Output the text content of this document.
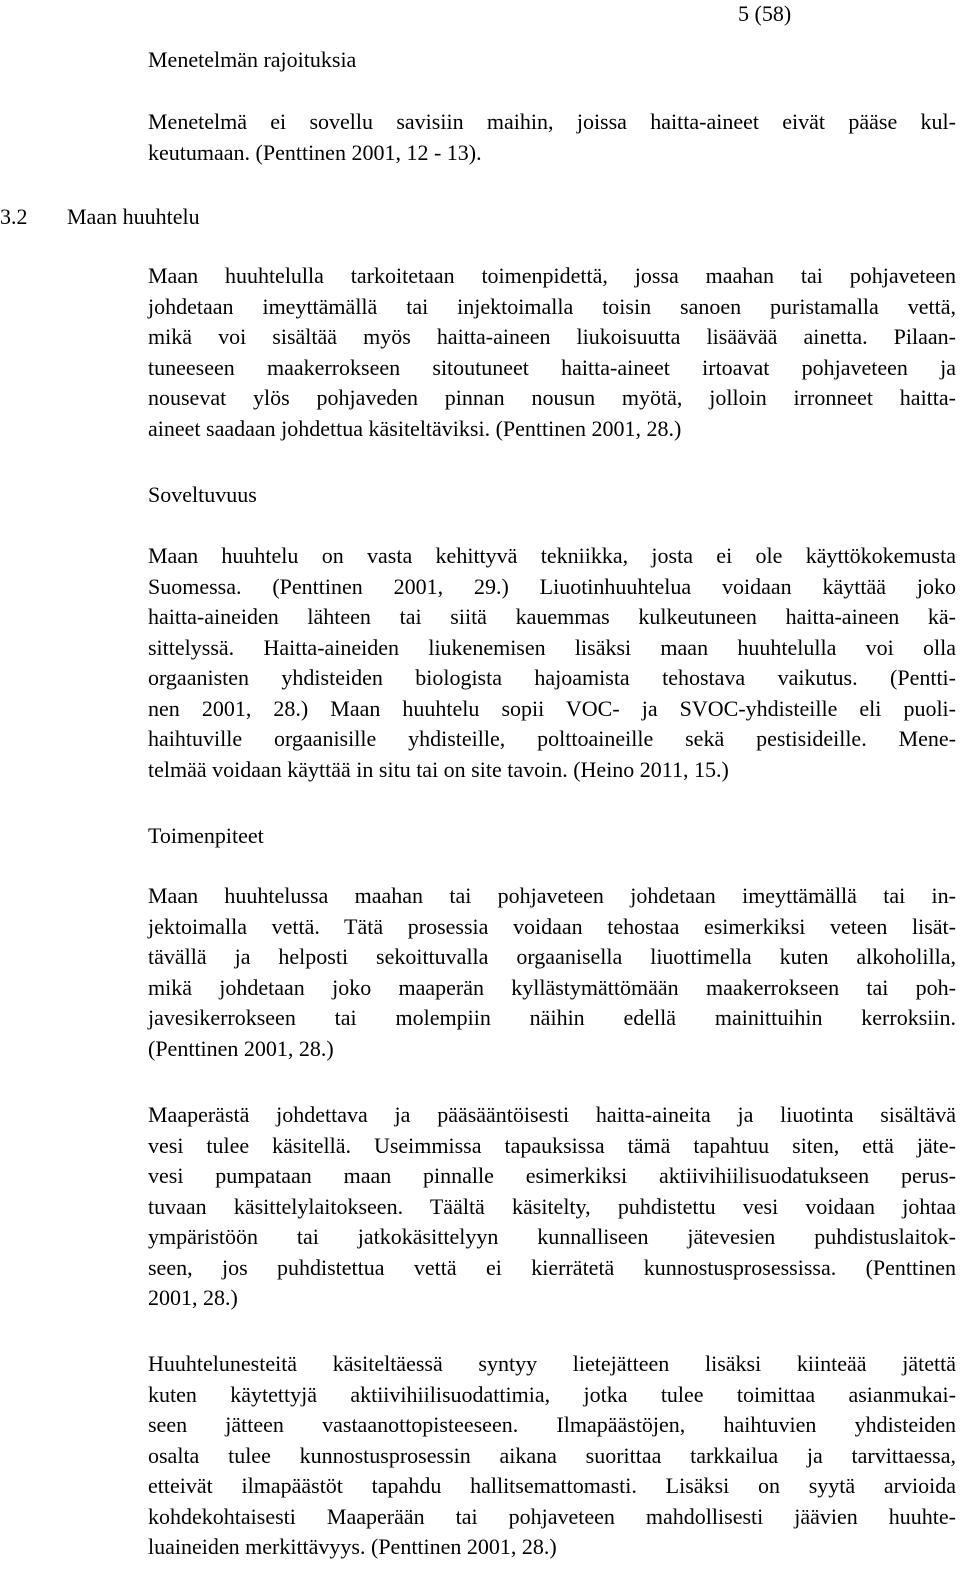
5 (58)
Menetelmän rajoituksia
Menetelmä ei sovellu savisiin maihin, joissa haitta-aineet eivät pääse kul-
keutumaan. (Penttinen 2001, 12 - 13).
3.2 Maan huuhtelu
Maan huuhtelulla tarkoitetaan toimenpidettä, jossa maahan tai pohjaveteen
johdetaan imeyttämällä tai injektoimalla toisin sanoen puristamalla vettä,
mikä voi sisältää myös haitta-aineen liukoisuutta lisäävää ainetta. Pilaan-
tuneeseen maakerrokseen sitoutuneet haitta-aineet irtoavat pohjaveteen ja
nousevat ylös pohjaveden pinnan nousun myötä, jolloin irronneet haitta-
aineet saadaan johdettua käsiteltäviksi. (Penttinen 2001, 28.)
Soveltuvuus
Maan huuhtelu on vasta kehittyvä tekniikka, josta ei ole käyttökokemusta
Suomessa. (Penttinen 2001, 29.) Liuotinhuuhtelua voidaan käyttää joko
haitta-aineiden lähteen tai siitä kauemmas kulkeutuneen haitta-aineen kä-
sittelyssä. Haitta-aineiden liukenemisen lisäksi maan huuhtelulla voi olla
orgaanisten yhdisteiden biologista hajoamista tehostava vaikutus. (Pentti-
nen 2001, 28.) Maan huuhtelu sopii VOC- ja SVOC-yhdisteille eli puoli-
haihtuville orgaanisille yhdisteille, polttoaineille sekä pestisideille. Mene-
telmää voidaan käyttää in situ tai on site tavoin. (Heino 2011, 15.)
Toimenpiteet
Maan huuhtelussa maahan tai pohjaveteen johdetaan imeyttämällä tai in-
jektoimalla vettä. Tätä prosessia voidaan tehostaa esimerkiksi veteen lisät-
tävällä ja helposti sekoittuvalla orgaanisella liuottimella kuten alkoholilla,
mikä johdetaan joko maaperän kyllästymättömään maakerrokseen tai poh-
javesikerrokseen tai molempiin näihin edellä mainittuihin kerroksiin.
(Penttinen 2001, 28.)
Maaperästä johdettava ja pääsääntöisesti haitta-aineita ja liuotinta sisältävä
vesi tulee käsitellä. Useimmissa tapauksissa tämä tapahtuu siten, että jäte-
vesi pumpataan maan pinnalle esimerkiksi aktiivihiilisuodatukseen perus-
tuvaan käsittelylaitokseen. Täältä käsitelty, puhdistettu vesi voidaan johtaa
ympäristöön tai jatkokäsittelyyn kunnalliseen jätevesien puhdistuslaitok-
seen, jos puhdistettua vettä ei kierrätetä kunnostusprosessissa. (Penttinen
2001, 28.)
Huuhtelunesteitä käsiteltäessä syntyy lietejätteen lisäksi kiinteää jätettä
kuten käytettyjä aktiivihiilisuodattimia, jotka tulee toimittaa asianmukai-
seen jätteen vastaanottopisteeseen. Ilmapäästöjen, haihtuvien yhdisteiden
osalta tulee kunnostusprosessin aikana suorittaa tarkkailua ja tarvittaessa,
etteivät ilmapäästöt tapahdu hallitsemattomasti. Lisäksi on syytä arvioida
kohdekohtaisesti Maaperään tai pohjaveteen mahdollisesti jäävien huuhte-
luaineiden merkittävyys. (Penttinen 2001, 28.)
